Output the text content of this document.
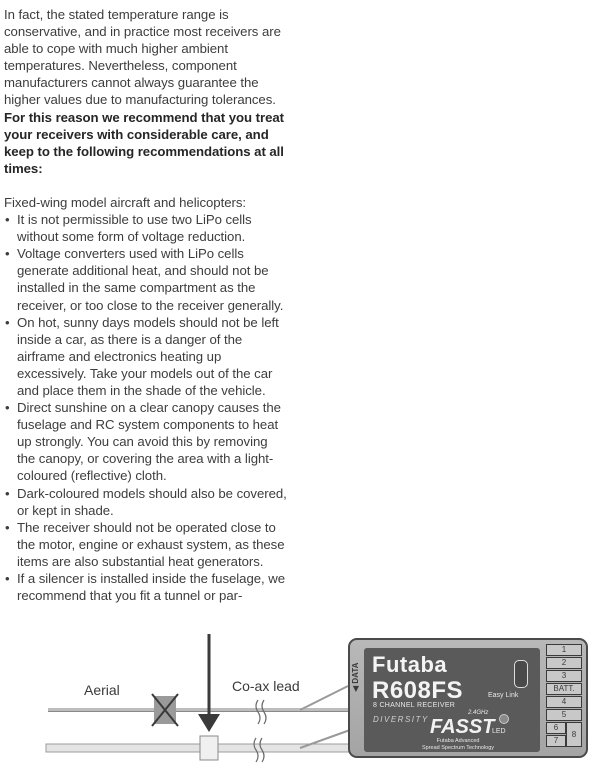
In fact, the stated temperature range is conservative, and in practice most receivers are able to cope with much higher ambient temperatures. Nevertheless, component manufacturers cannot always guarantee the higher values due to manufacturing tolerances.

For this reason we recommend that you treat your receivers with considerable care, and keep to the following recommendations at all times:

Fixed-wing model aircraft and helicopters:

• It is not permissible to use two LiPo cells without some form of voltage reduction.
• Voltage converters used with LiPo cells generate additional heat, and should not be installed in the same compartment as the receiver, or too close to the receiver generally.
• On hot, sunny days models should not be left inside a car, as there is a danger of the airframe and electronics heating up excessively. Take your models out of the car and place them in the shade of the vehicle.
• Direct sunshine on a clear canopy causes the fuselage and RC system components to heat up strongly. You can avoid this by removing the canopy, or covering the area with a light-coloured (reflective) cloth.
• Dark-coloured models should also be covered, or kept in shade.
• The receiver should not be operated close to the motor, engine or exhaust system, as these items are also substantial heat generators.
• If a silencer is installed inside the fuselage, we recommend that you fit a tunnel or par-
Aerial	Co-ax lead	◀ DATA Futaba
R608FS
8 CHANNEL RECEIVER
Easy Link
DIVERSITY
2.4GHz
FASST
LED
Futaba Advanced
Spread Spectrum Technology
1
2
3
BATT.
4
5
6
7
8
